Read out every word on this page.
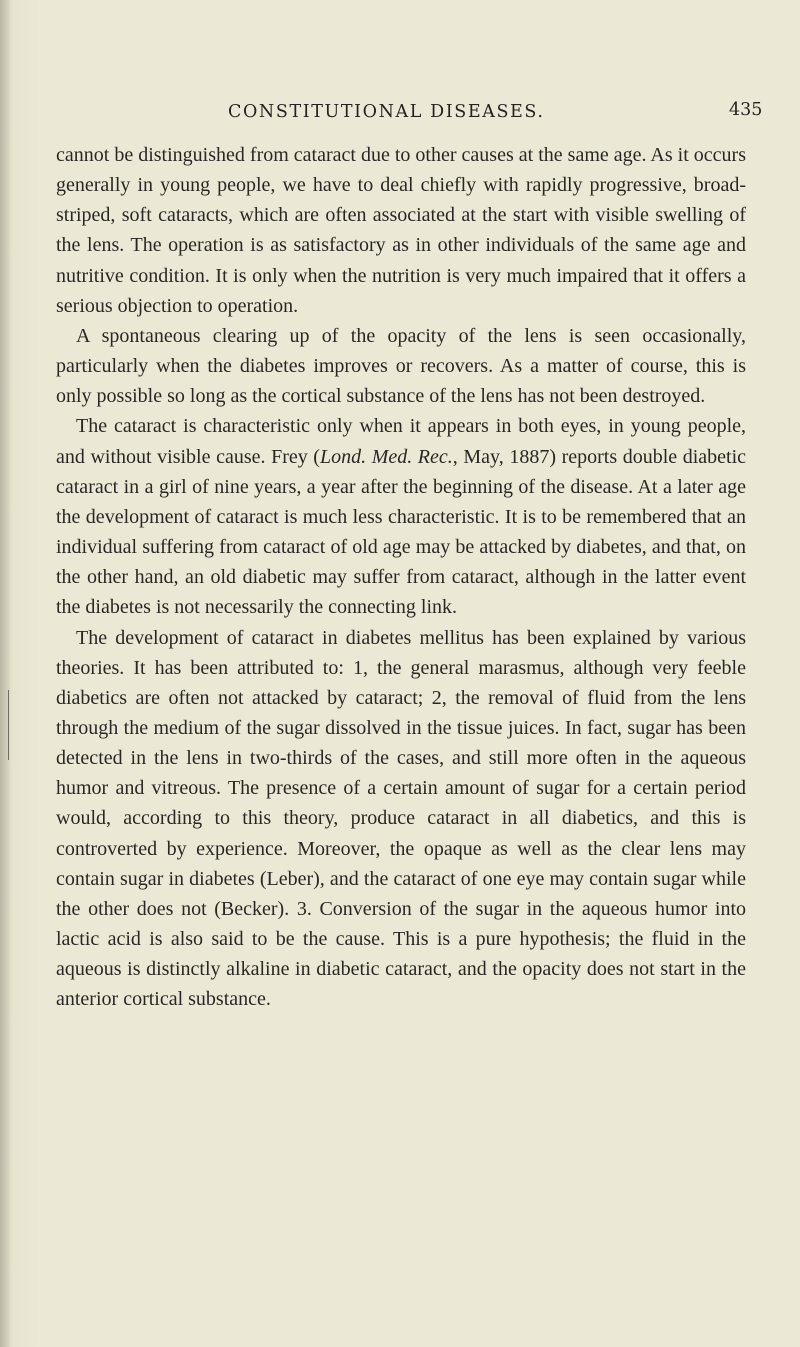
CONSTITUTIONAL DISEASES.	435

cannot be distinguished from cataract due to other causes at the same age. As it occurs generally in young people, we have to deal chiefly with rapidly progressive, broad-striped, soft cataracts, which are often associated at the start with visible swelling of the lens. The operation is as satisfactory as in other individuals of the same age and nutritive condition. It is only when the nutrition is very much impaired that it offers a serious objection to operation.

A spontaneous clearing up of the opacity of the lens is seen occasionally, particularly when the diabetes improves or recovers. As a matter of course, this is only possible so long as the cortical substance of the lens has not been destroyed.

The cataract is characteristic only when it appears in both eyes, in young people, and without visible cause. Frey (Lond. Med. Rec., May, 1887) reports double diabetic cataract in a girl of nine years, a year after the beginning of the disease. At a later age the development of cataract is much less characteristic. It is to be remembered that an individual suffering from cataract of old age may be attacked by diabetes, and that, on the other hand, an old diabetic may suffer from cataract, although in the latter event the diabetes is not necessarily the connecting link.

The development of cataract in diabetes mellitus has been explained by various theories. It has been attributed to: 1, the general marasmus, although very feeble diabetics are often not attacked by cataract; 2, the removal of fluid from the lens through the medium of the sugar dissolved in the tissue juices. In fact, sugar has been detected in the lens in two-thirds of the cases, and still more often in the aqueous humor and vitreous. The presence of a certain amount of sugar for a certain period would, according to this theory, produce cataract in all diabetics, and this is controverted by experience. Moreover, the opaque as well as the clear lens may contain sugar in diabetes (Leber), and the cataract of one eye may contain sugar while the other does not (Becker). 3. Conversion of the sugar in the aqueous humor into lactic acid is also said to be the cause. This is a pure hypothesis; the fluid in the aqueous is distinctly alkaline in diabetic cataract, and the opacity does not start in the anterior cortical substance.
